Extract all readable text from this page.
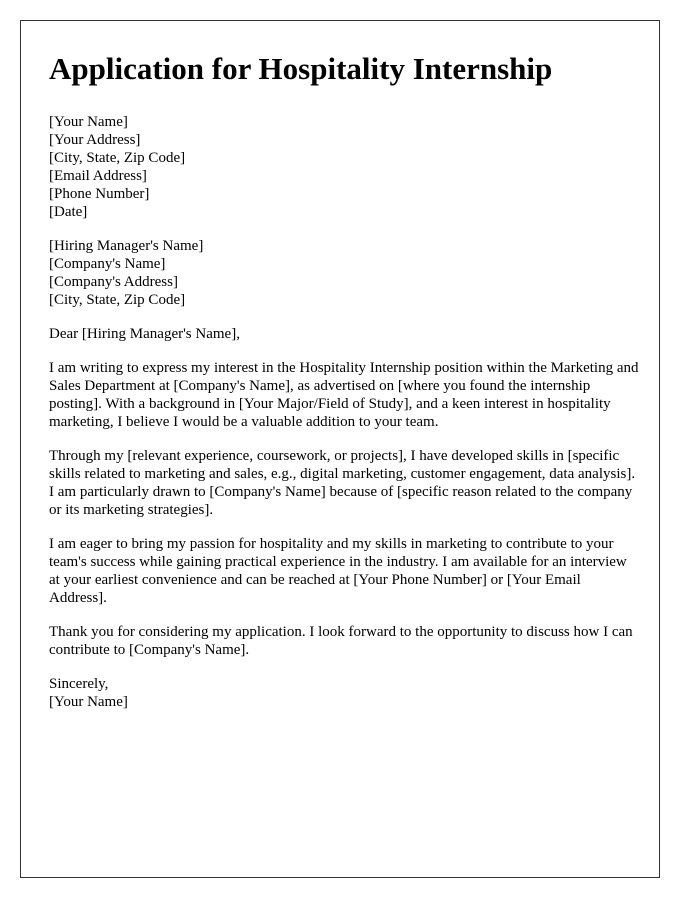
Application for Hospitality Internship
[Your Name]
[Your Address]
[City, State, Zip Code]
[Email Address]
[Phone Number]
[Date]
[Hiring Manager's Name]
[Company's Name]
[Company's Address]
[City, State, Zip Code]

Dear [Hiring Manager's Name],

I am writing to express my interest in the Hospitality Internship position within the Marketing and Sales Department at [Company's Name], as advertised on [where you found the internship posting]. With a background in [Your Major/Field of Study], and a keen interest in hospitality marketing, I believe I would be a valuable addition to your team.

Through my [relevant experience, coursework, or projects], I have developed skills in [specific skills related to marketing and sales, e.g., digital marketing, customer engagement, data analysis]. I am particularly drawn to [Company's Name] because of [specific reason related to the company or its marketing strategies].

I am eager to bring my passion for hospitality and my skills in marketing to contribute to your team's success while gaining practical experience in the industry. I am available for an interview at your earliest convenience and can be reached at [Your Phone Number] or [Your Email Address].

Thank you for considering my application. I look forward to the opportunity to discuss how I can contribute to [Company's Name].

Sincerely,
[Your Name]
